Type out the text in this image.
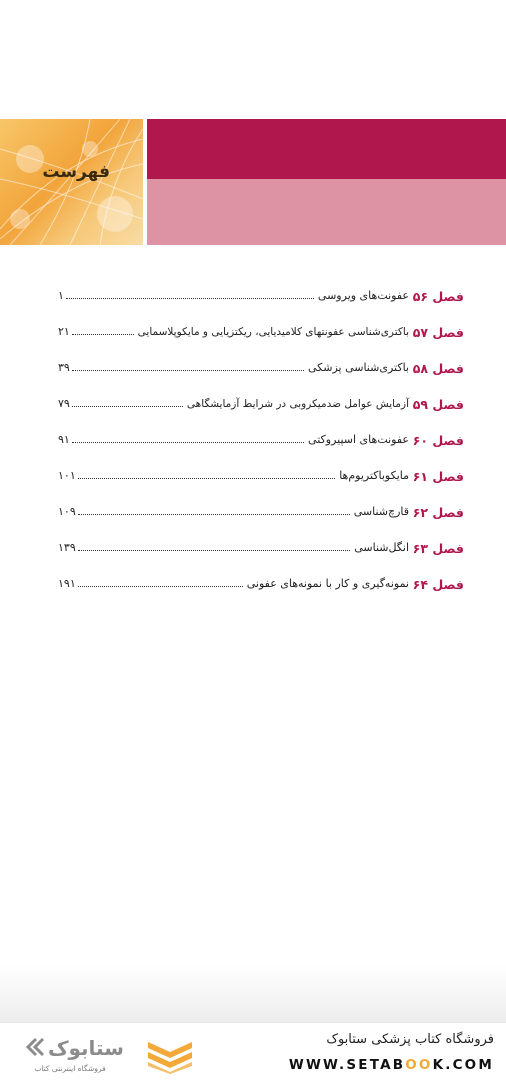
فهرست
فصل ۵۶
عفونت‌های ویروسی
۱
فصل ۵۷
باکتری‌شناسی عفونتهای کلامیدیایی، ریکتزیایی و مایکوپلاسمایی
۲۱
فصل ۵۸
باکتری‌شناسی پزشکی
۳۹
فصل ۵۹
آزمایش عوامل ضدمیکروبی در شرایط آزمایشگاهی
۷۹
فصل ۶۰
عفونت‌های اسپیروکتی
۹۱
فصل ۶۱
مایکوباکتریوم‌ها
۱۰۱
فصل ۶۲
قارچ‌شناسی
۱۰۹
فصل ۶۳
انگل‌شناسی
۱۳۹
فصل ۶۴
نمونه‌گیری و کار با نمونه‌های عفونی
۱۹۱
فروشگاه کتاب پزشکی ستابوک
WWW.SETABOOK.COM
ستابوک
فروشگاه اینترنتی کتاب
